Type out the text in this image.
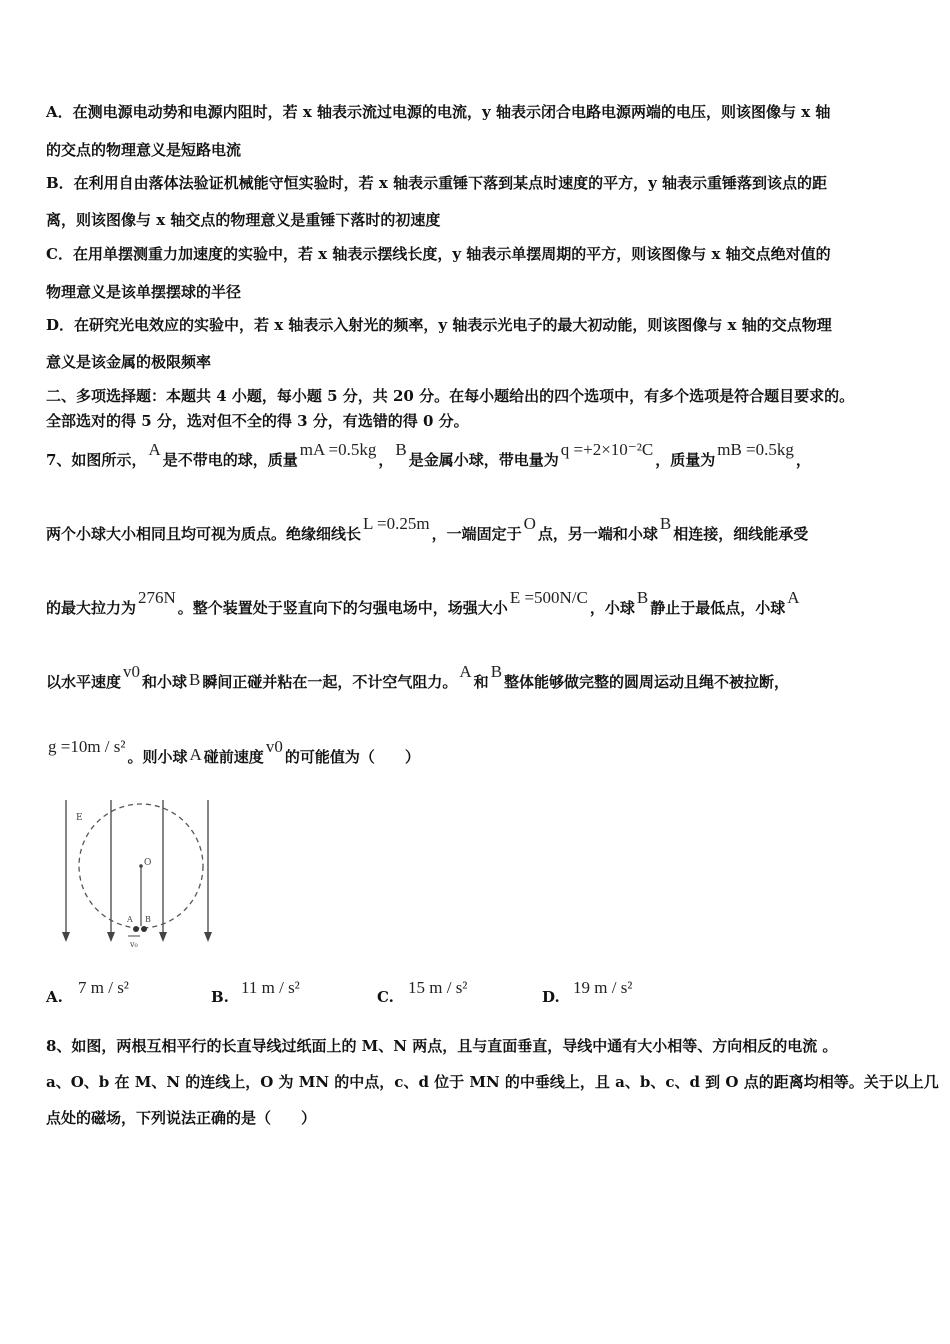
A．在测电源电动势和电源内阻时，若 x 轴表示流过电源的电流，y 轴表示闭合电路电源两端的电压，则该图像与 x 轴
的交点的物理意义是短路电流
B．在利用自由落体法验证机械能守恒实验时，若 x 轴表示重锤下落到某点时速度的平方，y 轴表示重锤落到该点的距
离，则该图像与 x 轴交点的物理意义是重锤下落时的初速度
C．在用单摆测重力加速度的实验中，若 x 轴表示摆线长度，y 轴表示单摆周期的平方，则该图像与 x 轴交点绝对值的
物理意义是该单摆摆球的半径
D．在研究光电效应的实验中，若 x 轴表示入射光的频率，y 轴表示光电子的最大初动能，则该图像与 x 轴的交点物理
意义是该金属的极限频率
二、多项选择题：本题共 4 小题，每小题 5 分，共 20 分。在每小题给出的四个选项中，有多个选项是符合题目要求的。
全部选对的得 5 分，选对但不全的得 3 分，有选错的得 0 分。
7、如图所示，A是不带电的球，质量mA =0.5kg，B是金属小球，带电量为q =+2×10⁻²C，质量为mB =0.5kg，
两个小球大小相同且均可视为质点。绝缘细线长L =0.25m，一端固定于O点，另一端和小球B相连接，细线能承受
的最大拉力为276N。整个装置处于竖直向下的匀强电场中，场强大小E =500N/C，小球B静止于最低点，小球A
以水平速度v0和小球 B 瞬间正碰并粘在一起，不计空气阻力。A和B整体能够做完整的圆周运动且绳不被拉断，
g =10m / s²。则小球 A 碰前速度v0的可能值为（　　）
E
O
A B
v₀
A. 7 m / s²	B. 11 m / s²	C. 15 m / s²	D. 19 m / s²
8、如图，两根互相平行的长直导线过纸面上的 M、N 两点，且与直面垂直，导线中通有大小相等、方向相反的电流 。
a、O、b 在 M、N 的连线上，O 为 MN 的中点，c、d 位于 MN 的中垂线上，且 a、b、c、d 到 O 点的距离均相等。关于以上几
点处的磁场，下列说法正确的是（　　）
